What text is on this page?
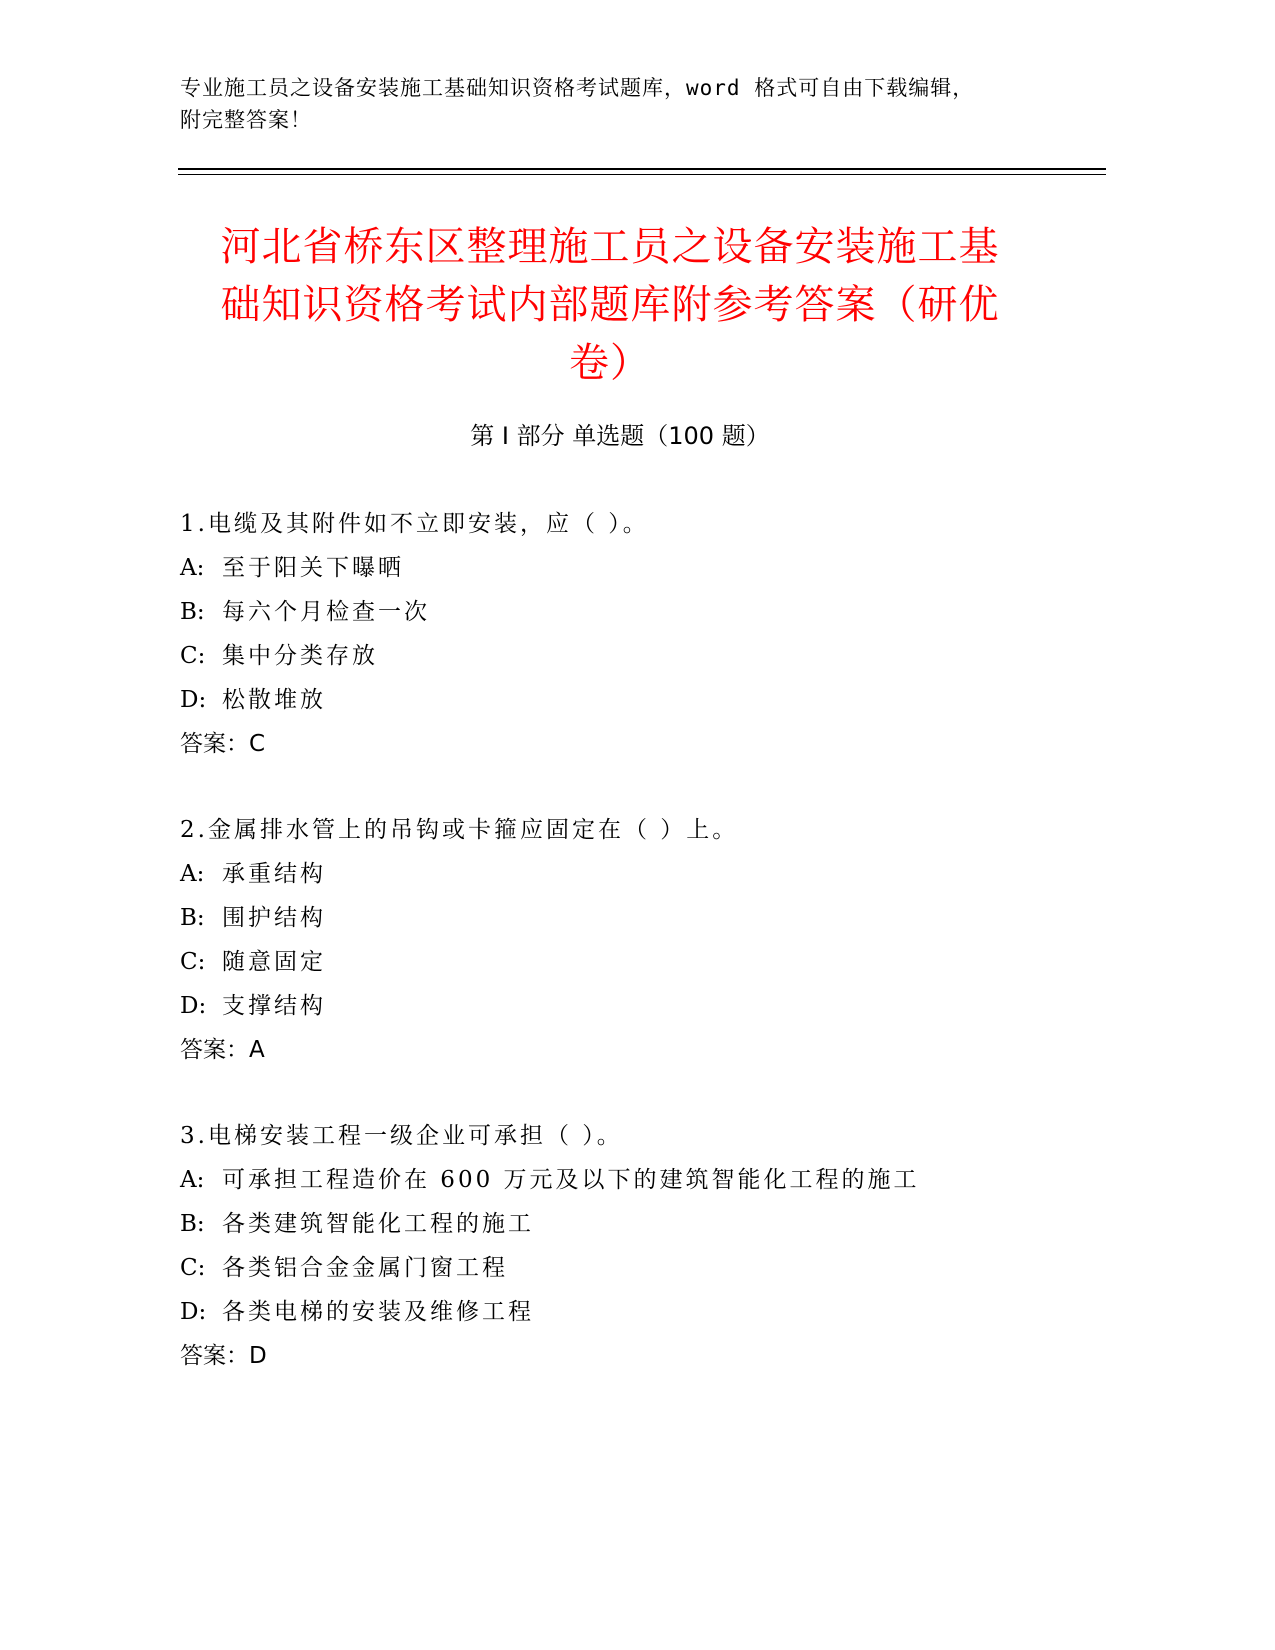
专业施工员之设备安装施工基础知识资格考试题库，word 格式可自由下载编辑，
附完整答案！
河北省桥东区整理施工员之设备安装施工基
础知识资格考试内部题库附参考答案（研优
卷）
第 I 部分 单选题（100 题）
1.电缆及其附件如不立即安装，应（ ）。
A: 至于阳关下曝晒
B: 每六个月检查一次
C: 集中分类存放
D: 松散堆放
答案：C
2.金属排水管上的吊钩或卡箍应固定在（ ）上。
A: 承重结构
B: 围护结构
C: 随意固定
D: 支撑结构
答案：A
3.电梯安装工程一级企业可承担（ ）。
A: 可承担工程造价在 600 万元及以下的建筑智能化工程的施工
B: 各类建筑智能化工程的施工
C: 各类铝合金金属门窗工程
D: 各类电梯的安装及维修工程
答案：D
